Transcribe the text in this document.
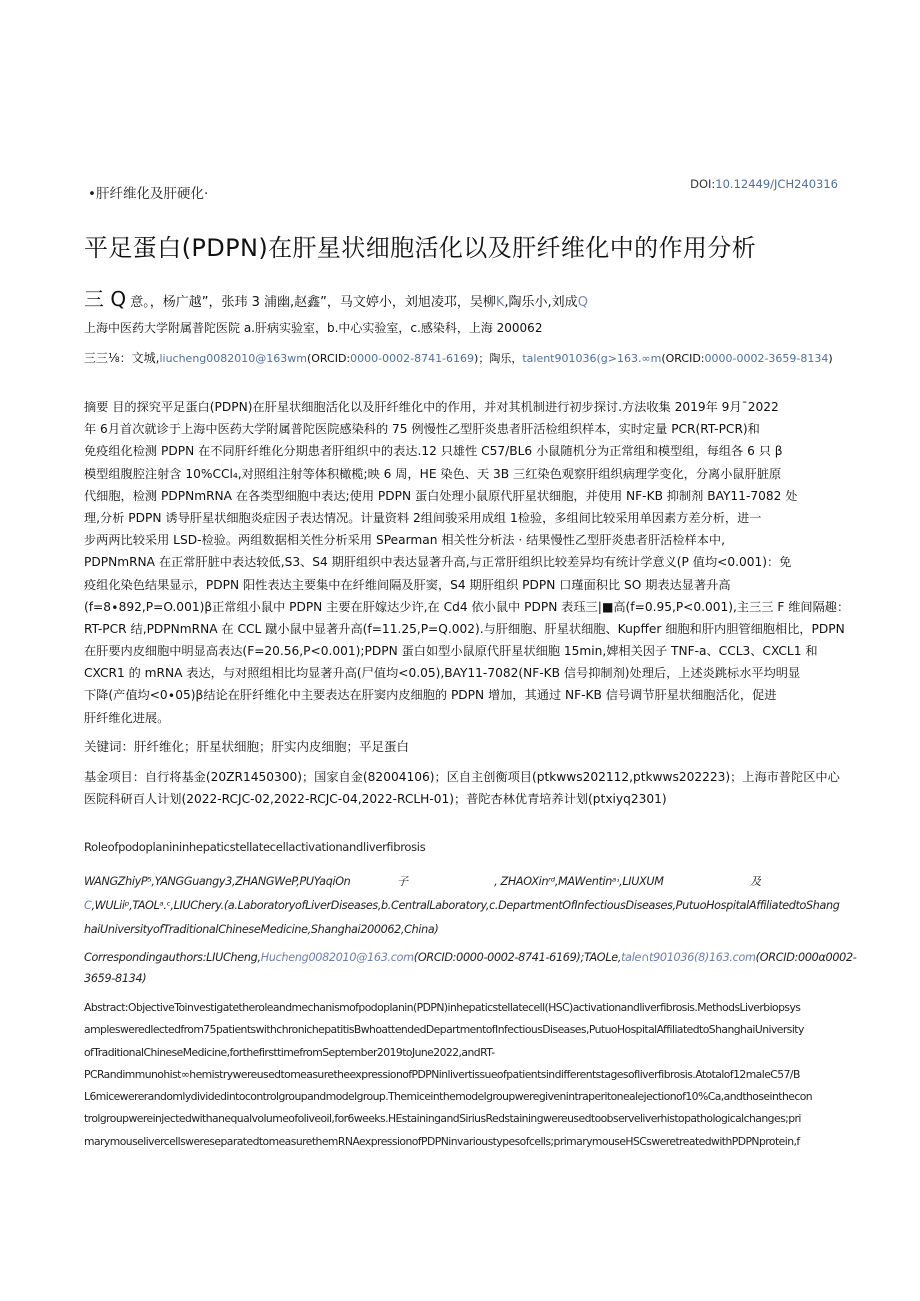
•肝纤维化及肝硬化·
DOI:10.12449/JCH240316
平足蛋白(PDPN)在肝星状细胞活化以及肝纤维化中的作用分析
三 Q 意。，杨广越”，张玮 3 浦幽,赵鑫”，马文婷小，刘旭凌邛，吴柳K,陶乐小,刘成Q
上海中医药大学附属普陀医院 a.肝病实验室，b.中心实验室，c.感染科，上海 200062
三三⅛：文城,liucheng0082010@163wm(ORCID:0000-0002-8741-6169)；陶乐，talent901036(g>163.∞m(ORCID:0000-0002-3659-8134)
摘要 目的探究平足蛋白(PDPN)在肝星状细胞活化以及肝纤维化中的作用，并对其机制进行初步探讨.方法收集 2019年 9月ˉ2022
年 6月首次就诊于上海中医药大学附属普陀医院感染科的 75 例慢性乙型肝炎患者肝活检组织样本，实时定量 PCR(RT-PCR)和
免疫组化检测 PDPN 在不同肝纤维化分期患者肝组织中的表达.12 只雄性 C57/BL6 小鼠随机分为正常组和模型组，每组各 6 只 β
模型组腹腔注射含 10%CCl₄,对照组注射等体积橄榄;映 6 周，HE 染色、天 3B 三红染色观察肝组织病理学变化，分离小鼠肝脏原
代细胞，检测 PDPNmRNA 在各类型细胞中表达;使用 PDPN 蛋白处理小鼠原代肝星状细胞，并使用 NF-KB 抑制剂 BAY11-7082 处
理,分析 PDPN 诱导肝星状细胞炎症因子表达情况。计量资料 2组间骏采用成组 1检验，多组间比较采用单因素方差分析，进一
步两两比较采用 LSD-检验。两组数据相关性分析采用 SPearman 相关性分析法 · 结果慢性乙型肝炎患者肝活检样本中,
PDPNmRNA 在正常肝脏中表达较低,S3、S4 期肝组织中表达显著升高,与正常肝组织比较差异均有统计学意义(P 值均<0.001)：免
疫组化染色结果显示，PDPN 阳性表达主要集中在纤维间隔及肝窦，S4 期肝组织 PDPN 口瑾面积比 SO 期表达显著升高
(f=8∙892,P=O.001)β正常组小鼠中 PDPN 主要在肝嫁达少许,在 Cd4 依小鼠中 PDPN 表珏三|■高(f=0.95,P<0.001),主三三 F 维间隔趣：
RT-PCR 结,PDPNmRNA 在 CCL 蹴小鼠中显著升高(f=11.25,P=Q.002).与肝细胞、肝星状细胞、Kupffer 细胞和肝内胆管细胞相比，PDPN
在肝要内皮细胞中明显高表达(F=20.56,P<0.001);PDPN 蛋白如型小鼠原代肝星状细胞 15min,婢相关因子 TNF-a、CCL3、CXCL1 和
CXCR1 的 mRNA 表达，与对照组相比均显著升高(尸值均<0.05),BAY11-7082(NF-KB 信号抑制剂)处理后，上述炎跳标水平均明显
下降(产值均<0∙05)β结论在肝纤维化中主要表达在肝窦内皮细胞的 PDPN 增加，其通过 NF-KB 信号调节肝星状细胞活化，促进
肝纤维化进展。
关键词：肝纤维化；肝星状细胞；肝实内皮细胞；平足蛋白
基金项目：自行将基金(20ZR1450300)；国家自金(82004106)；区自主创衡项目(ptkwws202112,ptkwws202223)；上海市普陀区中心
医院科研百人计划(2022-RCJC-02,2022-RCJC-04,2022-RCLH-01)；普陀杏林优青培养计划(ptxiyq2301)
Roleofpodoplanininhepaticstellatecellactivationandliverfibrosis
WANGZhiyP⁵,YANGGuangy3,ZHANGWeP,PUYaqiOn	子	, ZHAOXinʳᵈ,MAWentinᵃ˒,LIUXUM	及
C,WULiiᵖ,TAOLᵃ.ᶜ,LIUChery.(a.LaboratoryofLiverDiseases,b.CentralLaboratory,c.DepartmentOfInfectiousDiseases,PutuoHospitalAffiliatedtoShang
haiUniversityofTraditionalChineseMedicine,Shanghai200062,China)
Correspondingauthors:LIUCheng,Hucheng0082010@163.com(ORCID:0000-0002-8741-6169);TAOLe,tale∩t901036(8)163.com(ORCID:000α0002-
3659-8134)
Abstract:ObjectiveToinvestigatetheroleandmechanismofpodoplanin(PDPN)inhepaticstellatecell(HSC)activationandliverfibrosis.MethodsLiverbiopsys
amplesweredlectedfrom75patientswithchronichepatitisBwhoattendedDepartmentofInfectiousDiseases,PutuoHospitalAffiliatedtoShanghaiUniversity
ofTraditionalChineseMedicine,forthefirsttimefromSeptember2019toJune2022,andRT-
PCRandimmunohist∞hemistrywereusedtomeasuretheexpressionofPDPNinlivertissueofpatientsindifferentstagesofliverfibrosis.Atotalof12maleC57/B
L6micewererandomlydividedintocontrolgroupandmodelgroup.Themiceinthemodelgroupweregivenintraperitonealejectionof10%Ca,andthoseinthecon
trolgroupwereinjectedwithanequalvolumeofoliveoil,for6weeks.HEstainingandSiriusRedstainingwereusedtoobserveliverhistopathologicalchanges;pri
marymouselivercellswereseparatedtomeasurethemRNAexpressionofPDPNinvarioustypesofcells;primarymouseHSCsweretreatedwithPDPNprotein,f
